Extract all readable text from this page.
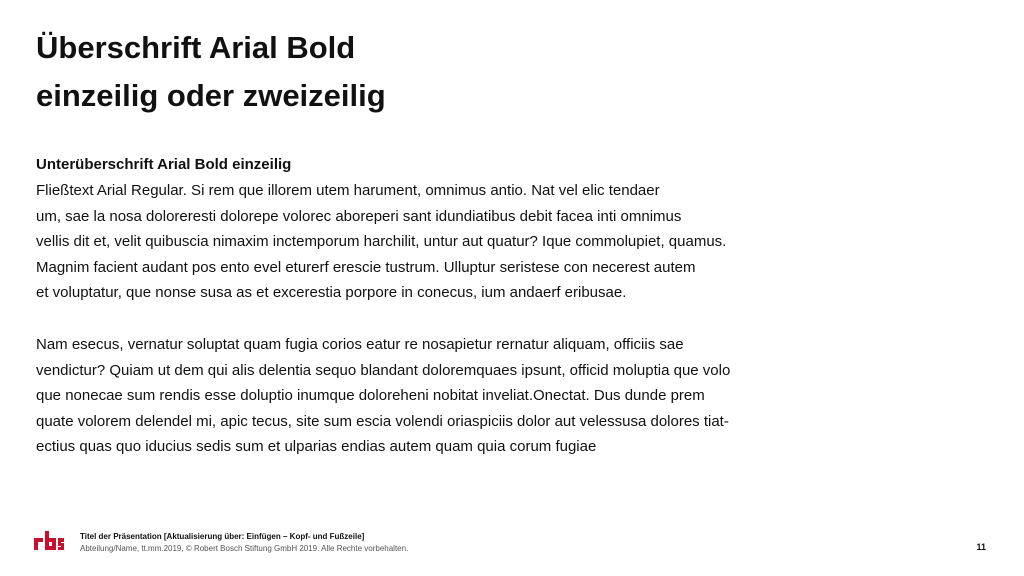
Überschrift Arial Bold
einzeilig oder zweizeilig
Unterüberschrift Arial Bold einzeilig

Fließtext Arial Regular. Si rem que illorem utem harument, omnimus antio. Nat vel elic tendaer
um, sae la nosa doloreresti dolorepe volorec aboreperi sant idundiatibus debit facea inti omnimus
vellis dit et, velit quibuscia nimaxim inctemporum harchilit, untur aut quatur? Ique commolupiet, quamus.
Magnim facient audant pos ento evel eturerf erescie tustrum. Ulluptur seristese con necerest autem
et voluptatur, que nonse susa as et excerestia porpore in conecus, ium andaerf eribusae.

Nam esecus, vernatur soluptat quam fugia corios eatur re nosapietur rernatur aliquam, officiis sae
vendictur? Quiam ut dem qui alis delentia sequo blandant doloremquaes ipsunt, officid moluptia que volo
que nonecae sum rendis esse doluptio inumque doloreheni nobitat inveliat.Onectat. Dus dunde prem
quate volorem delendel mi, apic tecus, site sum escia volendi oriaspiciis dolor aut velessusa dolores tiat-
ectius quas quo iducius sedis sum et ulparias endias autem quam quia corum fugiae

Titel der Präsentation [Aktualisierung über: Einfügen – Kopf- und Fußzeile]
Abteilung/Name, tt.mm.2019, © Robert Bosch Stiftung GmbH 2019. Alle Rechte vorbehalten.	11
